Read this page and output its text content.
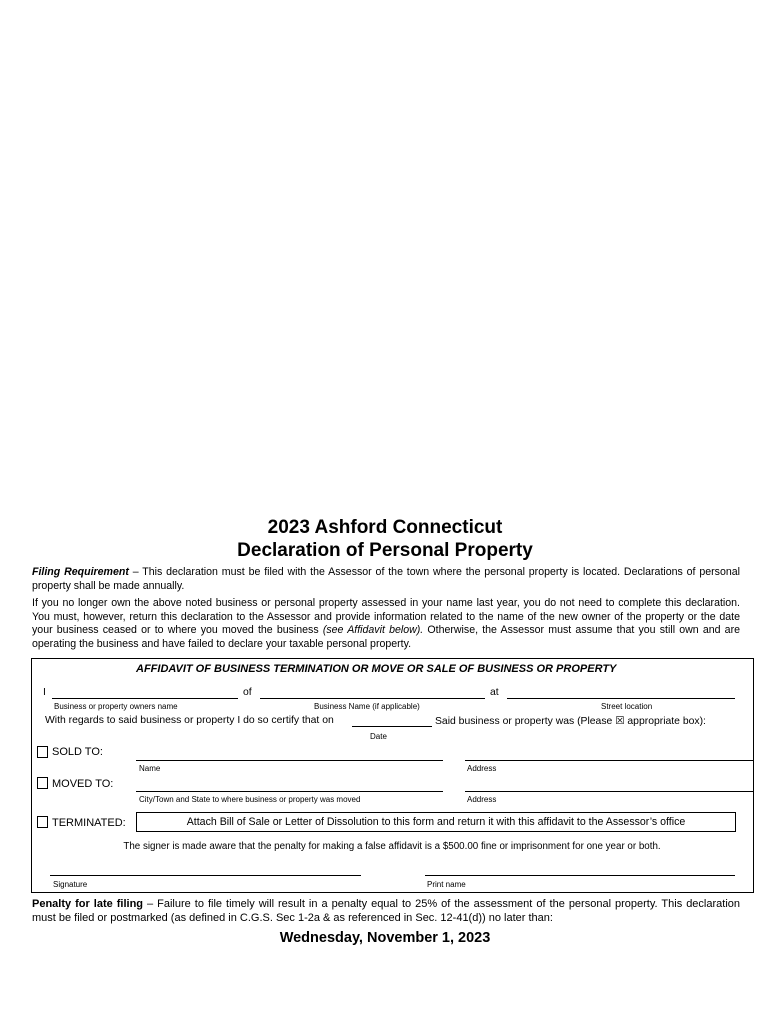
2023 Ashford Connecticut
Declaration of Personal Property
Filing Requirement – This declaration must be filed with the Assessor of the town where the personal property is located. Declarations of personal property shall be made annually.
If you no longer own the above noted business or personal property assessed in your name last year, you do not need to complete this declaration. You must, however, return this declaration to the Assessor and provide information related to the name of the new owner of the property or the date your business ceased or to where you moved the business (see Affidavit below). Otherwise, the Assessor must assume that you still own and are operating the business and have failed to declare your taxable personal property.
AFFIDAVIT OF BUSINESS TERMINATION OR MOVE OR SALE OF BUSINESS OR PROPERTY
I	of	at
Business or property owners name	Business Name (if applicable)	Street location
With regards to said business or property I do so certify that on	Said business or property was (Please ☒ appropriate box):
Date
SOLD TO:
Name	Address
MOVED TO:
City/Town and State to where business or property was moved	Address
TERMINATED:	Attach Bill of Sale or Letter of Dissolution to this form and return it with this affidavit to the Assessor’s office
The signer is made aware that the penalty for making a false affidavit is a $500.00 fine or imprisonment for one year or both.
Signature	Print name
Penalty for late filing – Failure to file timely will result in a penalty equal to 25% of the assessment of the personal property. This declaration must be filed or postmarked (as defined in C.G.S. Sec 1-2a & as referenced in Sec. 12-41(d)) no later than:
Wednesday, November 1, 2023
